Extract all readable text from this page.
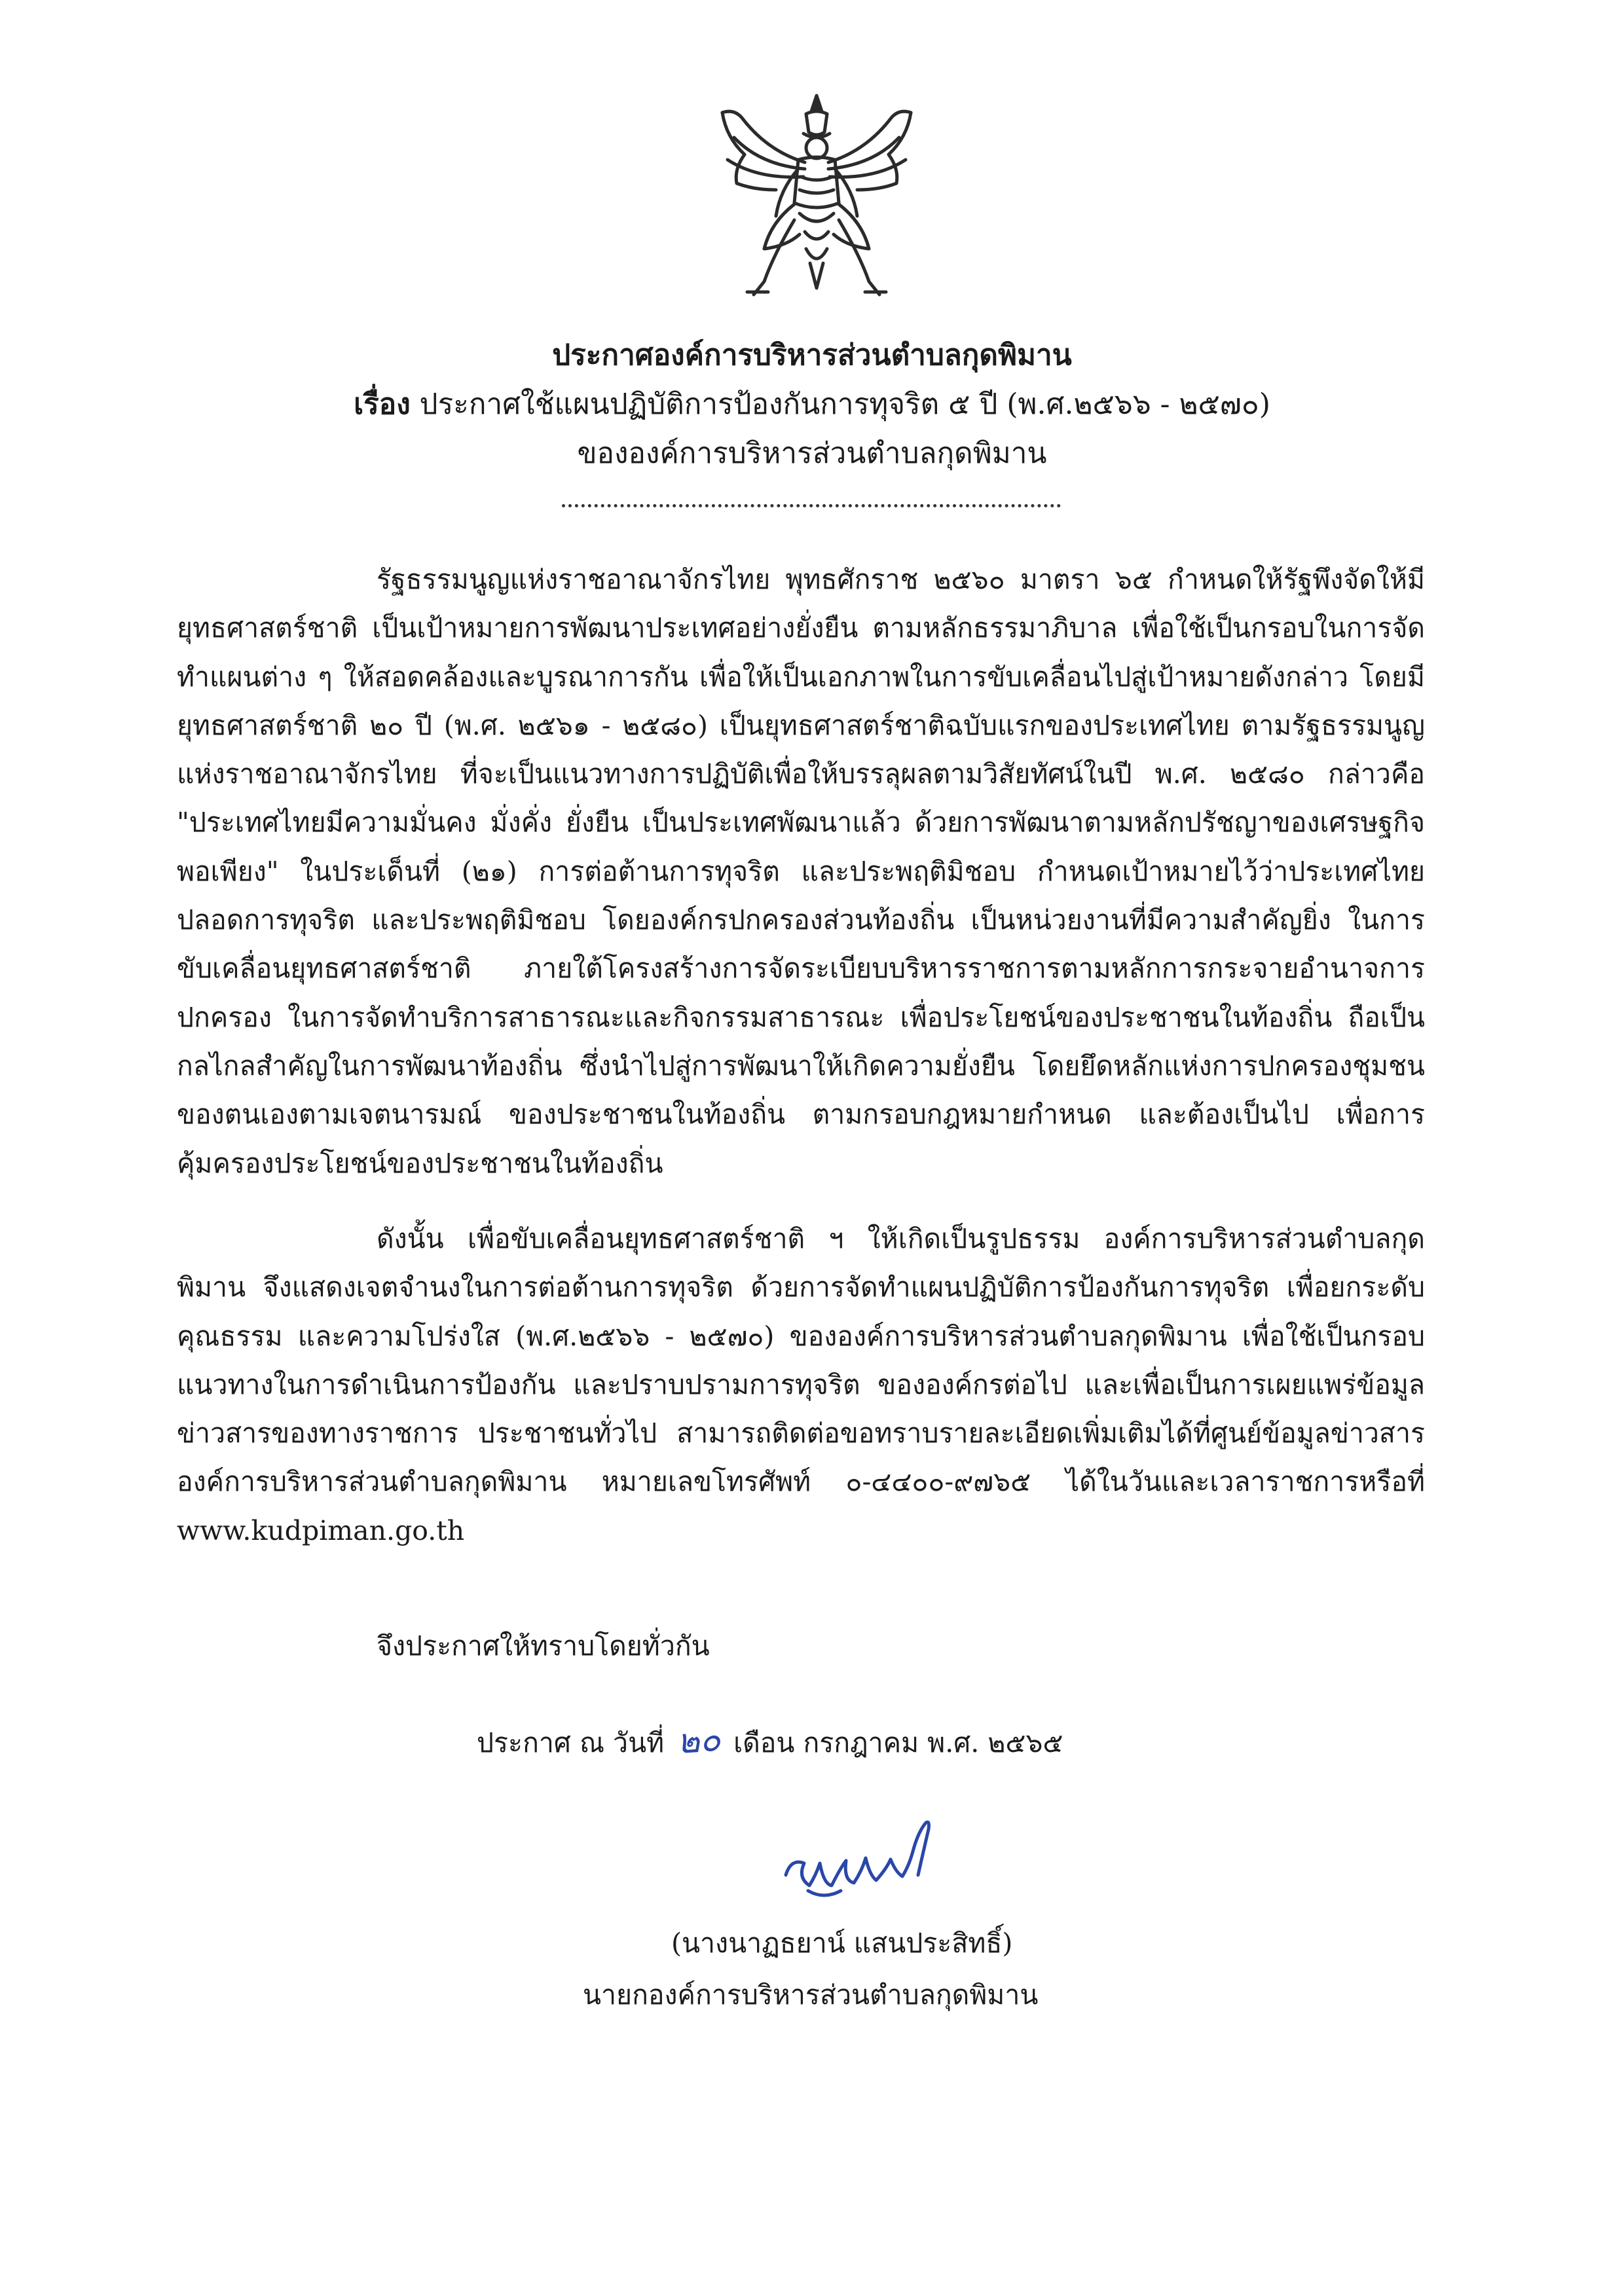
ประกาศองค์การบริหารส่วนตำบลกุดพิมาน
เรื่อง ประกาศใช้แผนปฏิบัติการป้องกันการทุจริต ๕ ปี (พ.ศ.๒๕๖๖ - ๒๕๗๐)
ขององค์การบริหารส่วนตำบลกุดพิมาน
รัฐธรรมนูญแห่งราชอาณาจักรไทย พุทธศักราช ๒๕๖๐ มาตรา ๖๕ กำหนดให้รัฐพึงจัดให้มียุทธศาสตร์ชาติ เป็นเป้าหมายการพัฒนาประเทศอย่างยั่งยืน ตามหลักธรรมาภิบาล เพื่อใช้เป็นกรอบในการจัดทำแผนต่าง ๆ ให้สอดคล้องและบูรณาการกัน เพื่อให้เป็นเอกภาพในการขับเคลื่อนไปสู่เป้าหมายดังกล่าว โดยมียุทธศาสตร์ชาติ ๒๐ ปี (พ.ศ. ๒๕๖๑ - ๒๕๘๐) เป็นยุทธศาสตร์ชาติฉบับแรกของประเทศไทย ตามรัฐธรรมนูญแห่งราชอาณาจักรไทย ที่จะเป็นแนวทางการปฏิบัติเพื่อให้บรรลุผลตามวิสัยทัศน์ในปี พ.ศ. ๒๕๘๐ กล่าวคือ "ประเทศไทยมีความมั่นคง มั่งคั่ง ยั่งยืน เป็นประเทศพัฒนาแล้ว ด้วยการพัฒนาตามหลักปรัชญาของเศรษฐกิจพอเพียง" ในประเด็นที่ (๒๑) การต่อต้านการทุจริต และประพฤติมิชอบ กำหนดเป้าหมายไว้ว่าประเทศไทยปลอดการทุจริต และประพฤติมิชอบ โดยองค์กรปกครองส่วนท้องถิ่น เป็นหน่วยงานที่มีความสำคัญยิ่ง ในการขับเคลื่อนยุทธศาสตร์ชาติ ภายใต้โครงสร้างการจัดระเบียบบริหารราชการตามหลักการกระจายอำนาจการปกครอง ในการจัดทำบริการสาธารณะและกิจกรรมสาธารณะ เพื่อประโยชน์ของประชาชนในท้องถิ่น ถือเป็นกลไกลสำคัญในการพัฒนาท้องถิ่น ซึ่งนำไปสู่การพัฒนาให้เกิดความยั่งยืน โดยยึดหลักแห่งการปกครองชุมชนของตนเองตามเจตนารมณ์ ของประชาชนในท้องถิ่น ตามกรอบกฎหมายกำหนด และต้องเป็นไป เพื่อการคุ้มครองประโยชน์ของประชาชนในท้องถิ่น
ดังนั้น เพื่อขับเคลื่อนยุทธศาสตร์ชาติ ฯ ให้เกิดเป็นรูปธรรม องค์การบริหารส่วนตำบลกุดพิมาน จึงแสดงเจตจำนงในการต่อต้านการทุจริต ด้วยการจัดทำแผนปฏิบัติการป้องกันการทุจริต เพื่อยกระดับคุณธรรม และความโปร่งใส (พ.ศ.๒๕๖๖ - ๒๕๗๐) ขององค์การบริหารส่วนตำบลกุดพิมาน เพื่อใช้เป็นกรอบแนวทางในการดำเนินการป้องกัน และปราบปรามการทุจริต ขององค์กรต่อไป และเพื่อเป็นการเผยแพร่ข้อมูลข่าวสารของทางราชการ ประชาชนทั่วไป สามารถติดต่อขอทราบรายละเอียดเพิ่มเติมได้ที่ศูนย์ข้อมูลข่าวสารองค์การบริหารส่วนตำบลกุดพิมาน หมายเลขโทรศัพท์ ๐-๔๔๐๐-๙๗๖๕ ได้ในวันและเวลาราชการหรือที่ www.kudpiman.go.th
จึงประกาศให้ทราบโดยทั่วกัน
ประกาศ ณ วันที่ ๒๐ เดือน กรกฎาคม พ.ศ. ๒๕๖๕
(นางนาฏธยาน์ แสนประสิทธิ์)
นายกองค์การบริหารส่วนตำบลกุดพิมาน
